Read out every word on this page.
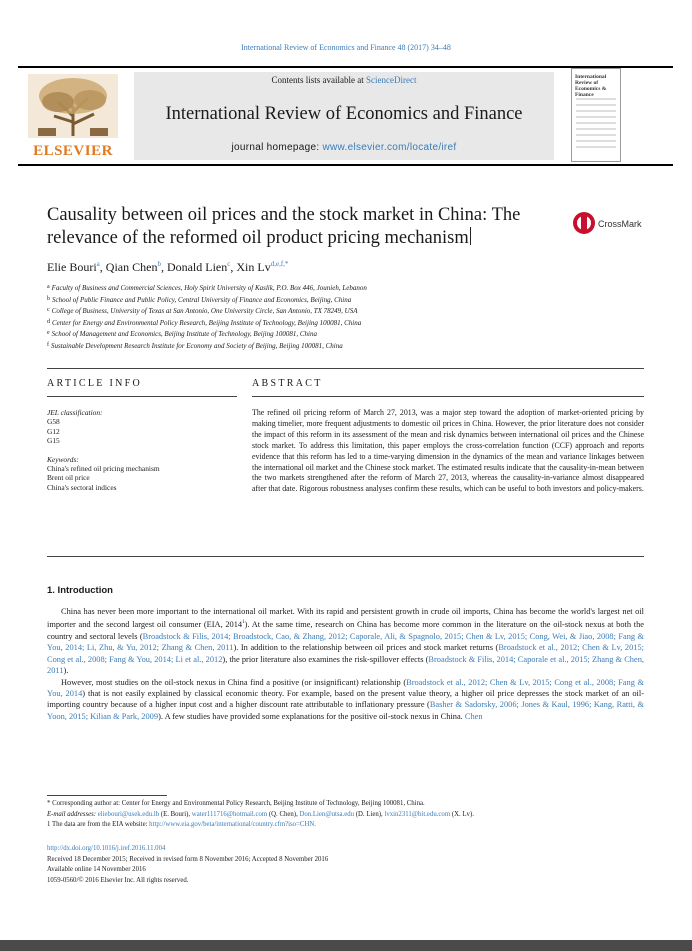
International Review of Economics and Finance 48 (2017) 34–48
ELSEVIER
Contents lists available at ScienceDirect
International Review of Economics and Finance
journal homepage: www.elsevier.com/locate/iref
International Review of Economics & Finance
Causality between oil prices and the stock market in China: The relevance of the reformed oil product pricing mechanism
CrossMark
Elie Bouri$^a$, Qian Chen$^b$, Donald Lien$^c$, Xin $Lv^{d,e,f,*}$
a Faculty of Business and Commercial Sciences, Holy Spirit University of Kaslik, P.O. Box 446, Jounieh, Lebanon
b School of Public Finance and Public Policy, Central University of Finance and Economics, Beijing, China
c College of Business, University of Texas at San Antonio, One University Circle, San Antonio, TX 78249, USA
d Center for Energy and Environmental Policy Research, Beijing Institute of Technology, Beijing 100081, China
e School of Management and Economics, Beijing Institute of Technology, Beijing 100081, China
f Sustainable Development Research Institute for Economy and Society of Beijing, Beijing 100081, China
ARTICLE INFO	ABSTRACT
JEL classification:
G58
G12
G15
Keywords:
China's refined oil pricing mechanism
Brent oil price
China's sectoral indices
The refined oil pricing reform of March 27, 2013, was a major step toward the adoption of market-oriented pricing by making timelier, more frequent adjustments to domestic oil prices in China. However, the prior literature does not consider the impact of this reform in its assessment of the mean and risk dynamics between international oil prices and the Chinese stock market. To address this limitation, this paper employs the cross-correlation function (CCF) approach and reports evidence that this reform has led to a time-varying dimension in the dynamics of the mean and variance linkages between the international oil market and the Chinese stock market. The estimated results indicate that the causality-in-mean between the two markets strengthened after the reform of March 27, 2013, whereas the causality-in-variance almost disappeared after that date. Rigorous robustness analyses confirm these results, which can be useful to both investors and policy-makers.
1. Introduction

China has never been more important to the international oil market. With its rapid and persistent growth in crude oil imports, China has become the world's largest net oil importer and the second largest oil consumer (EIA, 2014$^1$). At the same time, research on China has become more common in the literature on the oil-stock nexus at both the country and sectoral levels (Broadstock & Filis, 2014; Broadstock, Cao, & Zhang, 2012; Caporale, Ali, & Spagnolo, 2015; Chen & Lv, 2015; Cong, Wei, & Jiao, 2008; Fang & You, 2014; Li, Zhu, & Yu, 2012; Zhang & Chen, 2011). In addition to the relationship between oil prices and stock market returns (Broadstock et al., 2012; Chen & Lv, 2015; Cong et al., 2008; Fang & You, 2014; Li et al., 2012), the prior literature also examines the risk-spillover effects (Broadstock & Filis, 2014; Caporale et al., 2015; Zhang & Chen, 2011).

However, most studies on the oil-stock nexus in China find a positive (or insignificant) relationship (Broadstock et al., 2012; Chen & Lv, 2015; Cong et al., 2008; Fang & You, 2014) that is not easily explained by classical economic theory. For example, based on the present value theory, a higher oil price depresses the stock market of an oil-importing country because of a higher input cost and a higher discount rate attributable to inflationary pressure (Basher & Sadorsky, 2006; Jones & Kaul, 1996; Kang, Ratti, & Yoon, 2015; Kilian & Park, 2009). A few studies have provided some explanations for the positive oil-stock nexus in China. Chen

* Corresponding author at: Center for Energy and Environmental Policy Research, Beijing Institute of Technology, Beijing 100081, China.
E-mail addresses: eliebouri@usek.edu.lb (E. Bouri), water111716@hotmail.com (Q. Chen), Don.Lien@utsa.edu (D. Lien), lvxin2311@bit.edu.com (X. Lv).
1 The data are from the EIA website: http://www.eia.gov/beta/international/country.cfm?iso=CHN.
http://dx.doi.org/10.1016/j.iref.2016.11.004
Received 18 December 2015; Received in revised form 8 November 2016; Accepted 8 November 2016
Available online 14 November 2016
1059-0560/© 2016 Elsevier Inc. All rights reserved.
